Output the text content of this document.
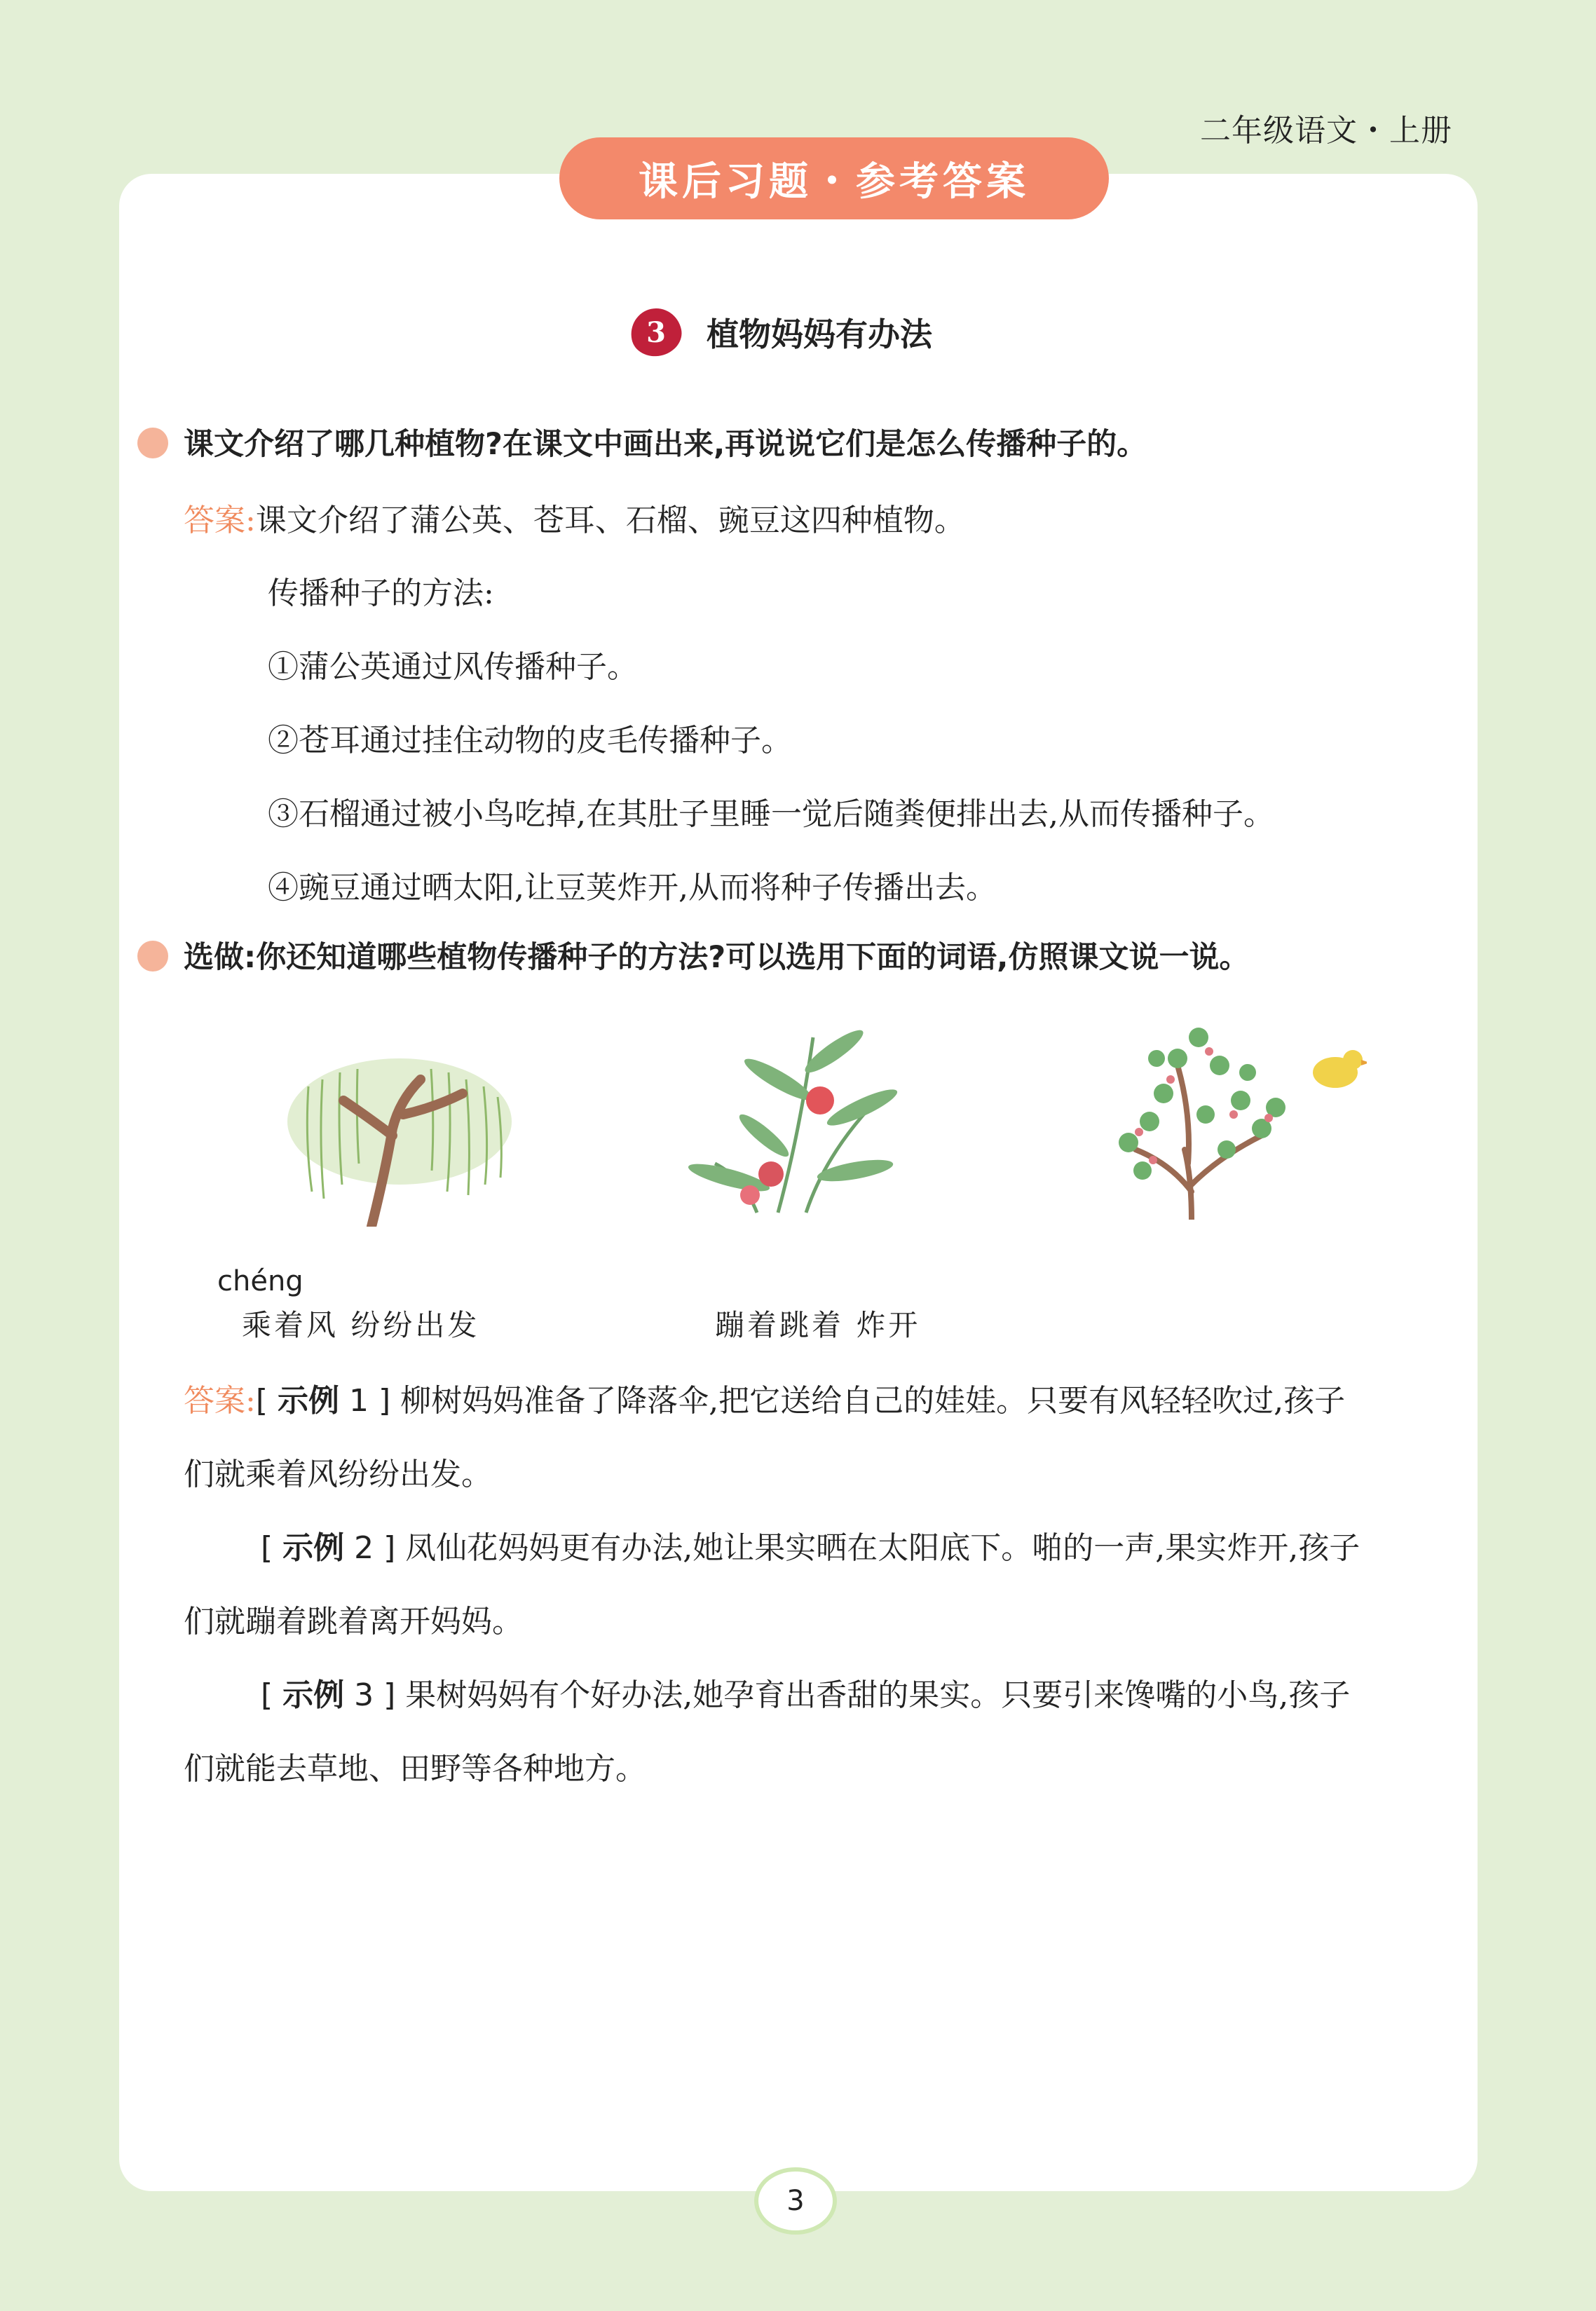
二年级语文・上册
课后习题・参考答案
3 植物妈妈有办法
课文介绍了哪几种植物?在课文中画出来,再说说它们是怎么传播种子的。
答案:课文介绍了蒲公英、苍耳、石榴、豌豆这四种植物。
传播种子的方法:
①蒲公英通过风传播种子。
②苍耳通过挂住动物的皮毛传播种子。
③石榴通过被小鸟吃掉,在其肚子里睡一觉后随粪便排出去,从而传播种子。
④豌豆通过晒太阳,让豆荚炸开,从而将种子传播出去。
选做:你还知道哪些植物传播种子的方法?可以选用下面的词语,仿照课文说一说。
chéng
乘着风 纷纷出发	蹦着跳着 炸开
答案:[ 示例 1 ] 柳树妈妈准备了降落伞,把它送给自己的娃娃。只要有风轻轻吹过,孩子
们就乘着风纷纷出发。
[ 示例 2 ] 凤仙花妈妈更有办法,她让果实晒在太阳底下。啪的一声,果实炸开,孩子
们就蹦着跳着离开妈妈。
[ 示例 3 ] 果树妈妈有个好办法,她孕育出香甜的果实。只要引来馋嘴的小鸟,孩子
们就能去草地、田野等各种地方。
3
